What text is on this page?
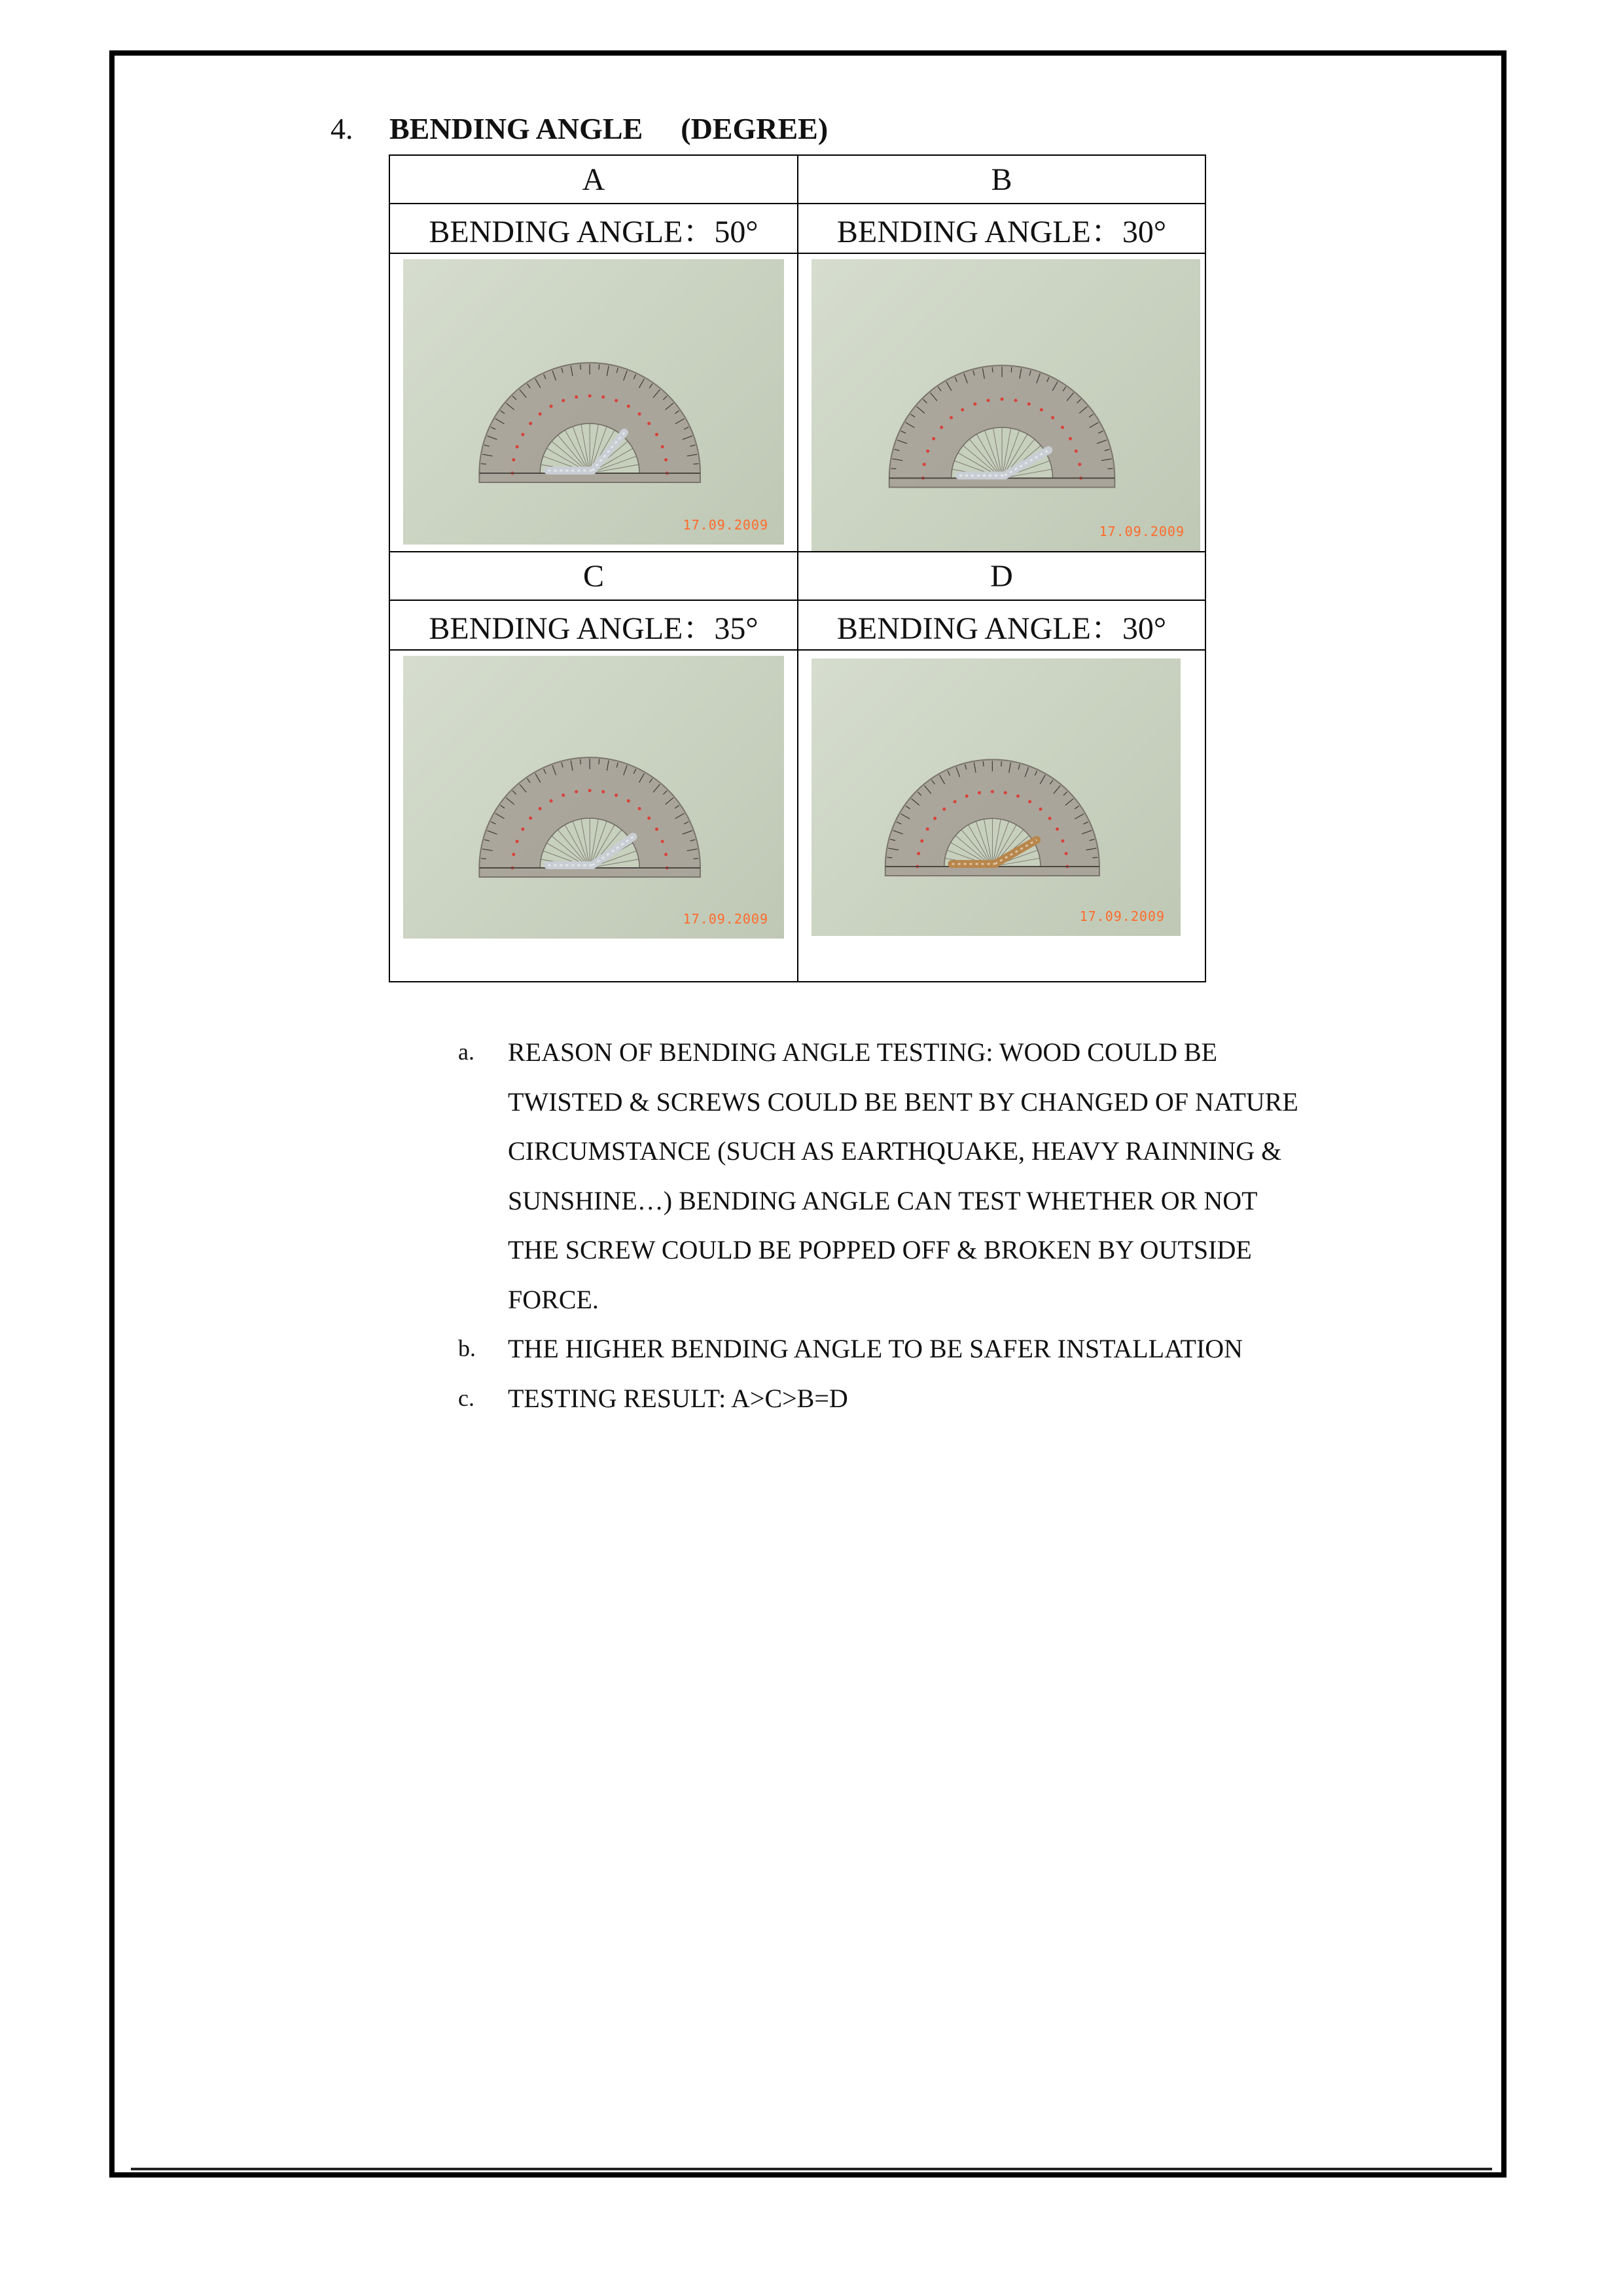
4.	BENDING ANGLE (DEGREE)
A	B
BENDING ANGLE：50°	BENDING ANGLE：30°

17.09.2009	17.09.2009

C	D
BENDING ANGLE：35°	BENDING ANGLE：30°

17.09.2009	17.09.2009
a.	REASON OF BENDING ANGLE TESTING: WOOD COULD BE TWISTED & SCREWS COULD BE BENT BY CHANGED OF NATURE CIRCUMSTANCE (SUCH AS EARTHQUAKE, HEAVY RAINNING & SUNSHINE…) BENDING ANGLE CAN TEST WHETHER OR NOT THE SCREW COULD BE POPPED OFF & BROKEN BY OUTSIDE FORCE.
b.	THE HIGHER BENDING ANGLE TO BE SAFER INSTALLATION
c.	TESTING RESULT: A>C>B=D
